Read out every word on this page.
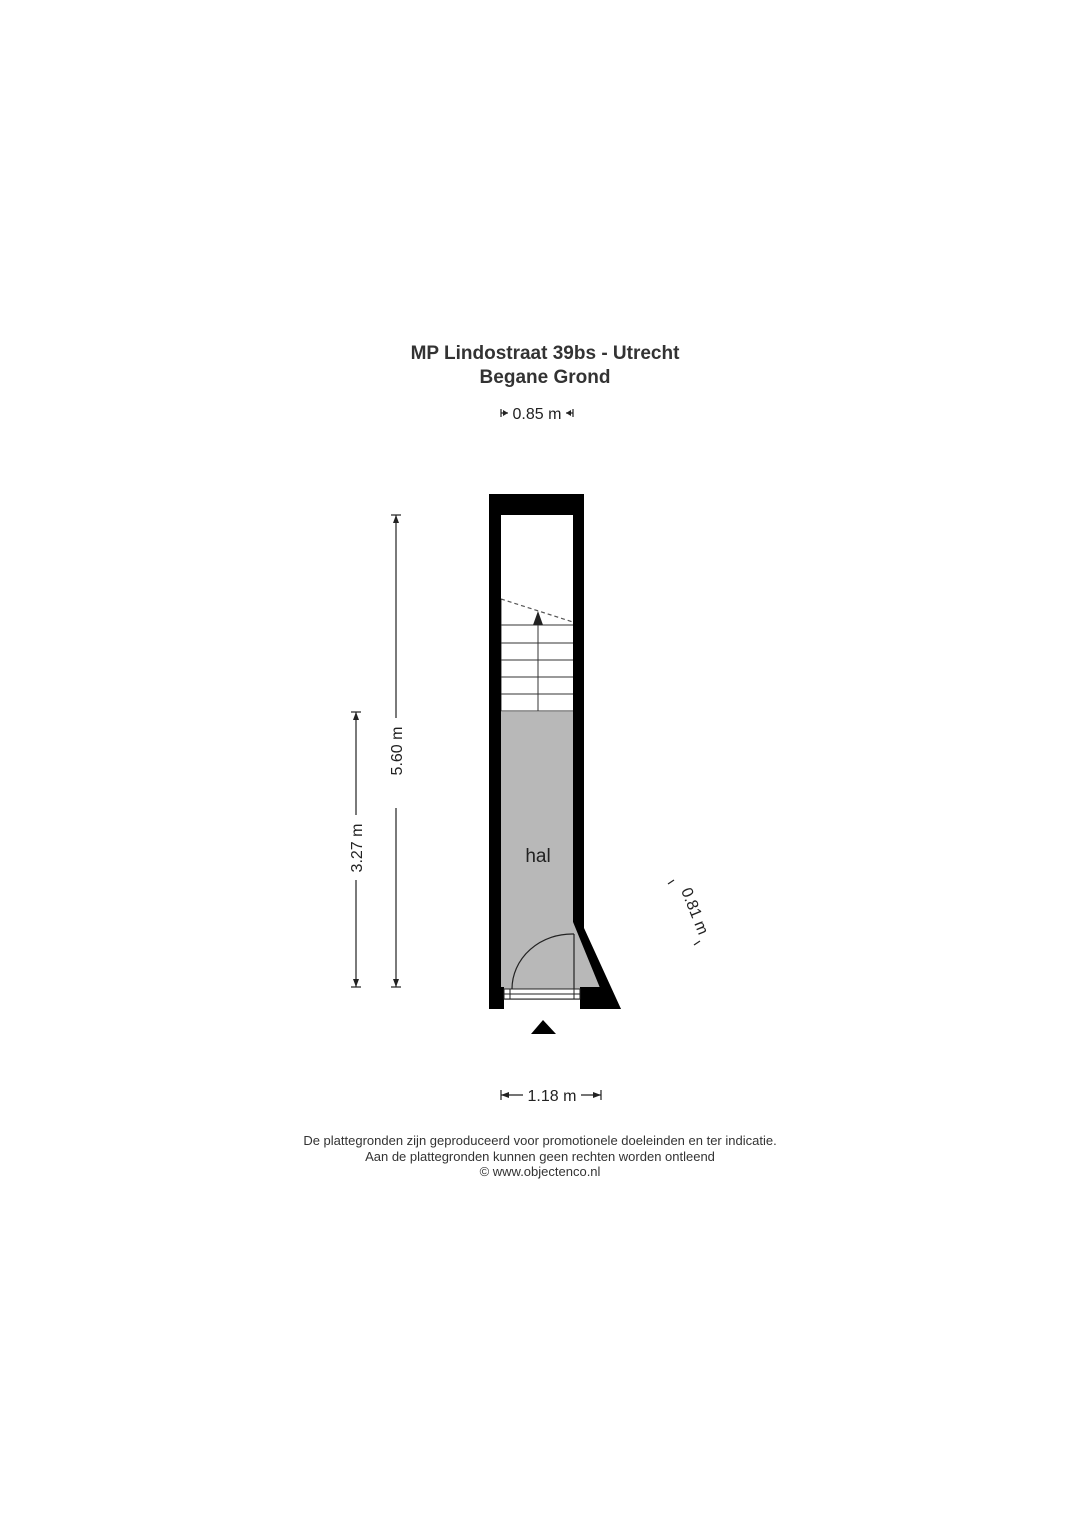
MP Lindostraat 39bs - Utrecht
Begane Grond
0.85 m
5.60 m
3.27 m	hal
0.81 m
1.18 m
De plattegronden zijn geproduceerd voor promotionele doeleinden en ter indicatie.
Aan de plattegronden kunnen geen rechten worden ontleend
© www.objectenco.nl
